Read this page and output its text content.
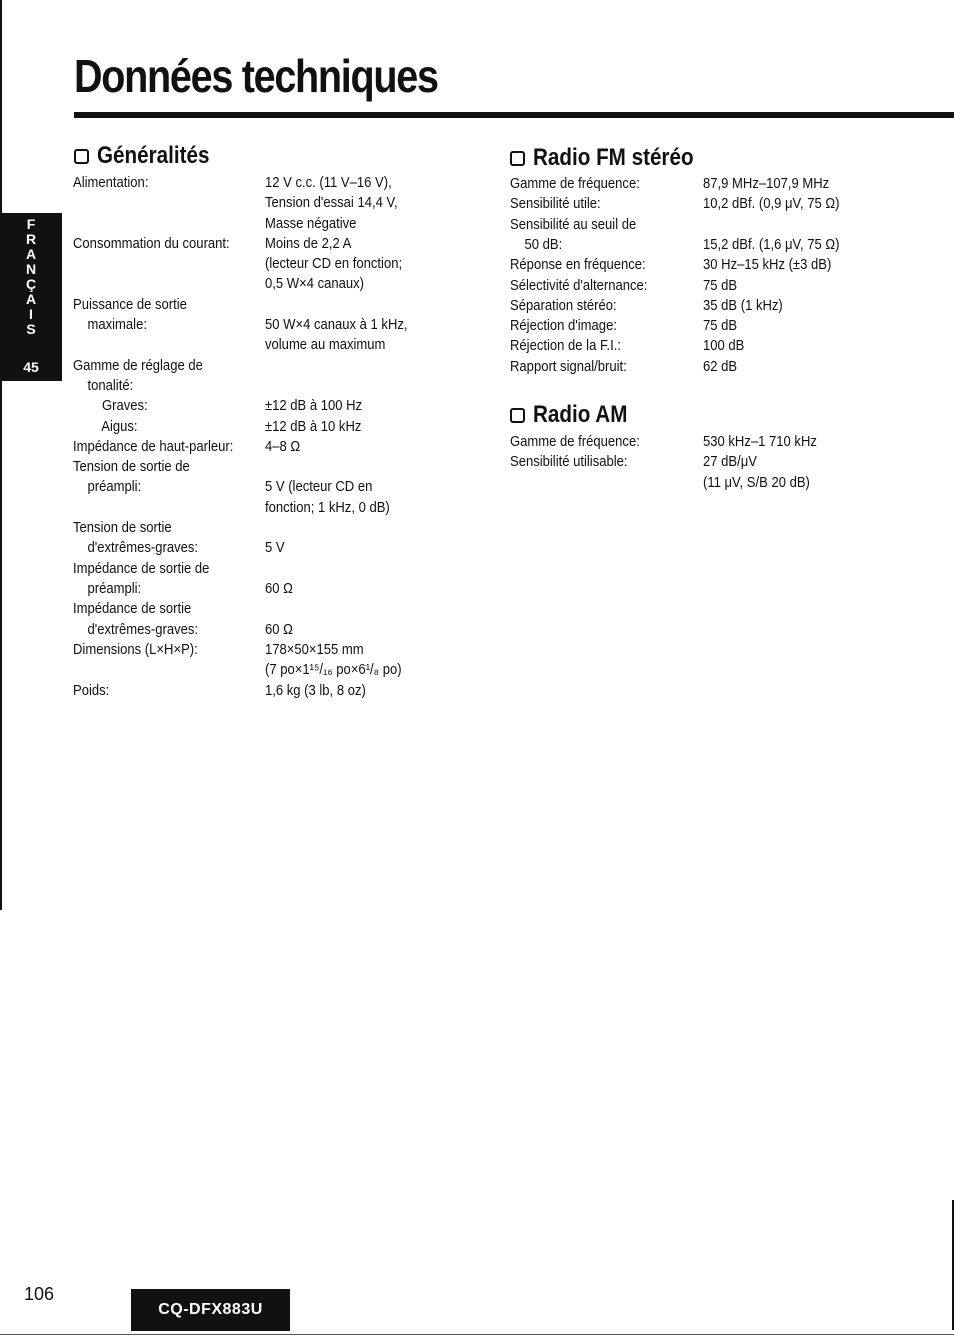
Données techniques
F
R
A
N
Ç
A
I
S
45
Généralités
Alimentation:	12 V c.c. (11 V–16 V),
Tension d'essai 14,4 V,
Masse négative
Consommation du courant: Moins de 2,2 A
(lecteur CD en fonction;
0,5 W×4 canaux)
Puissance de sortie
maximale:	50 W×4 canaux à 1 kHz,
volume au maximum
Gamme de réglage de
tonalité:
Graves:	±12 dB à 100 Hz
Aigus:	±12 dB à 10 kHz
Impédance de haut-parleur: 4–8 Ω
Tension de sortie de
préampli:	5 V (lecteur CD en
fonction; 1 kHz, 0 dB)
Tension de sortie
d'extrêmes-graves:	5 V
Impédance de sortie de
préampli:	60 Ω
Impédance de sortie
d'extrêmes-graves:	60 Ω
Dimensions (L×H×P):	178×50×155 mm
(7 po×1¹⁵/₁₆ po×6¹/₈ po)
Poids:	1,6 kg (3 lb, 8 oz)
Radio FM stéréo
Gamme de fréquence:	87,9 MHz–107,9 MHz
Sensibilité utile:	10,2 dBf. (0,9 μV, 75 Ω)
Sensibilité au seuil de
50 dB:	15,2 dBf. (1,6 μV, 75 Ω)
Réponse en fréquence:	30 Hz–15 kHz (±3 dB)
Sélectivité d'alternance:	75 dB
Séparation stéréo:	35 dB (1 kHz)
Réjection d'image:	75 dB
Réjection de la F.I.:	100 dB
Rapport signal/bruit:	62 dB
Radio AM
Gamme de fréquence:	530 kHz–1 710 kHz
Sensibilité utilisable:	27 dB/μV
(11 μV, S/B 20 dB)
106
CQ-DFX883U
